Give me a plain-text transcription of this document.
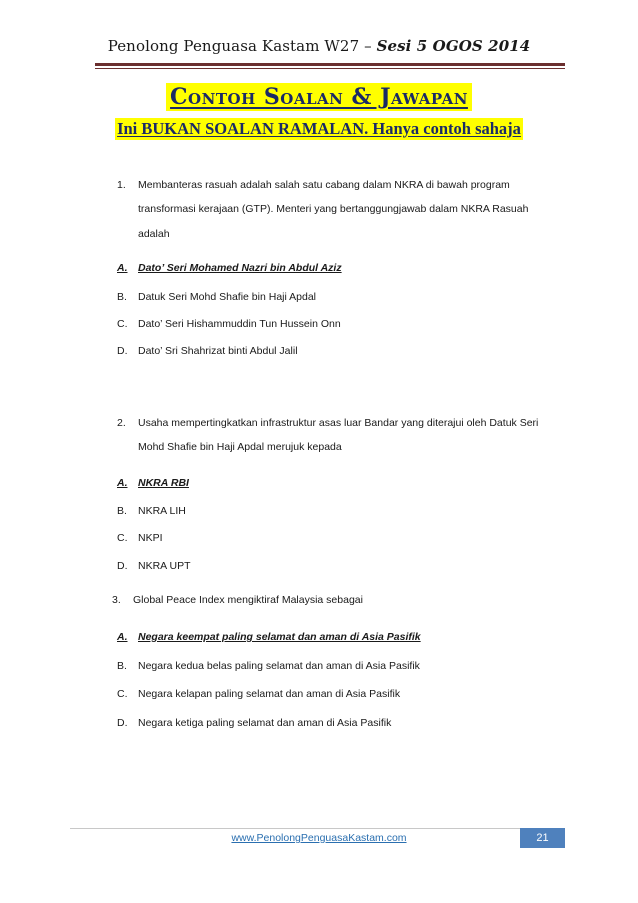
Penolong Penguasa Kastam W27 – Sesi 5 OGOS 2014
Contoh Soalan & Jawapan
Ini BUKAN SOALAN RAMALAN. Hanya contoh sahaja
1. Membanteras rasuah adalah salah satu cabang dalam NKRA di bawah program
transformasi kerajaan (GTP). Menteri yang bertanggungjawab dalam NKRA Rasuah
adalah
A. Dato’ Seri Mohamed Nazri bin Abdul Aziz
B. Datuk Seri Mohd Shafie bin Haji Apdal
C. Dato’ Seri Hishammuddin Tun Hussein Onn
D. Dato’ Sri Shahrizat binti Abdul Jalil
2. Usaha mempertingkatkan infrastruktur asas luar Bandar yang diterajui oleh Datuk Seri
Mohd Shafie bin Haji Apdal merujuk kepada
A. NKRA RBI
B. NKRA LIH
C. NKPI
D. NKRA UPT
3. Global Peace Index mengiktiraf Malaysia sebagai
A. Negara keempat paling selamat dan aman di Asia Pasifik
B. Negara kedua belas paling selamat dan aman di Asia Pasifik
C. Negara kelapan paling selamat dan aman di Asia Pasifik
D. Negara ketiga paling selamat dan aman di Asia Pasifik
www.PenolongPenguasaKastam.com	21
